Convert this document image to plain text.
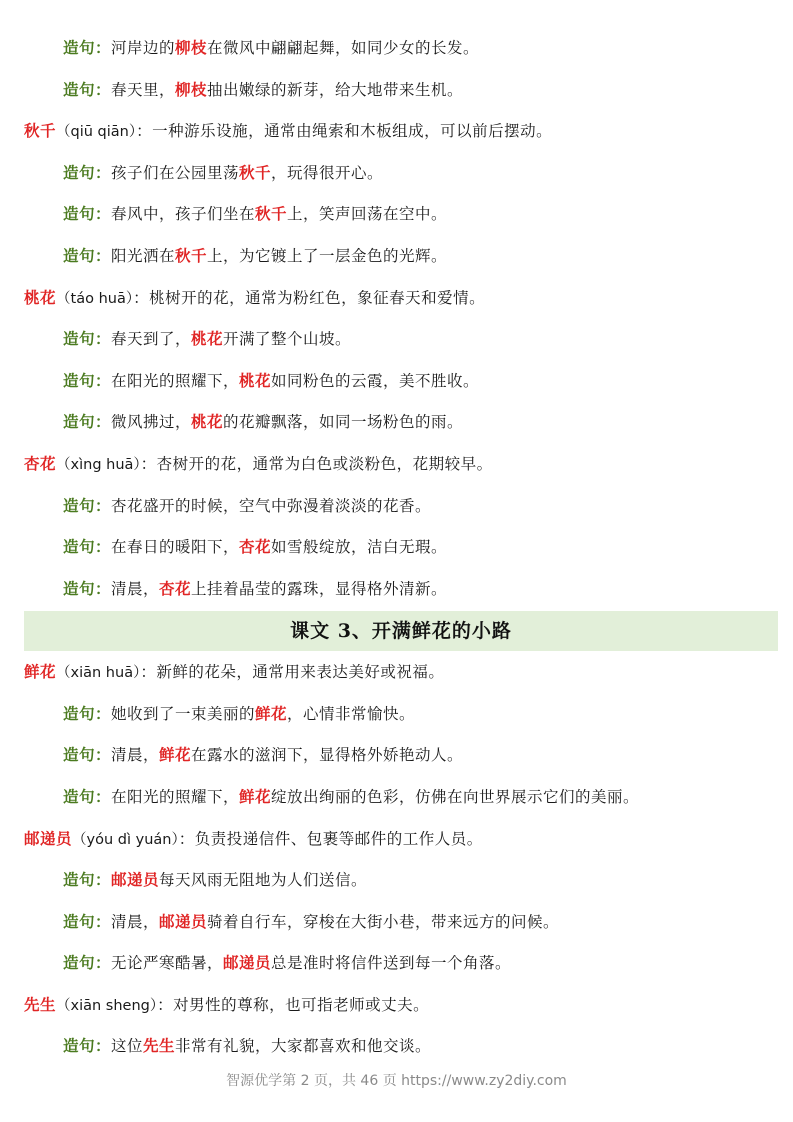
造句：河岸边的柳枝在微风中翩翩起舞，如同少女的长发。
造句：春天里，柳枝抽出嫩绿的新芽，给大地带来生机。
秋千（qiū qiān）：一种游乐设施，通常由绳索和木板组成，可以前后摆动。
造句：孩子们在公园里荡秋千，玩得很开心。
造句：春风中，孩子们坐在秋千上，笑声回荡在空中。
造句：阳光洒在秋千上，为它镀上了一层金色的光辉。
桃花（táo huā）：桃树开的花，通常为粉红色，象征春天和爱情。
造句：春天到了，桃花开满了整个山坡。
造句：在阳光的照耀下，桃花如同粉色的云霞，美不胜收。
造句：微风拂过，桃花的花瓣飘落，如同一场粉色的雨。
杏花（xìng huā）：杏树开的花，通常为白色或淡粉色，花期较早。
造句：杏花盛开的时候，空气中弥漫着淡淡的花香。
造句：在春日的暖阳下，杏花如雪般绽放，洁白无瑕。
造句：清晨，杏花上挂着晶莹的露珠，显得格外清新。
课文 3、开满鲜花的小路
鲜花（xiān huā）：新鲜的花朵，通常用来表达美好或祝福。
造句：她收到了一束美丽的鲜花，心情非常愉快。
造句：清晨，鲜花在露水的滋润下，显得格外娇艳动人。
造句：在阳光的照耀下，鲜花绽放出绚丽的色彩，仿佛在向世界展示它们的美丽。
邮递员（yóu dì yuán）：负责投递信件、包裹等邮件的工作人员。
造句：邮递员每天风雨无阻地为人们送信。
造句：清晨，邮递员骑着自行车，穿梭在大街小巷，带来远方的问候。
造句：无论严寒酷暑，邮递员总是准时将信件送到每一个角落。
先生（xiān sheng）：对男性的尊称，也可指老师或丈夫。
造句：这位先生非常有礼貌，大家都喜欢和他交谈。
智源优学第 2 页，共 46 页 https://www.zy2diy.com
